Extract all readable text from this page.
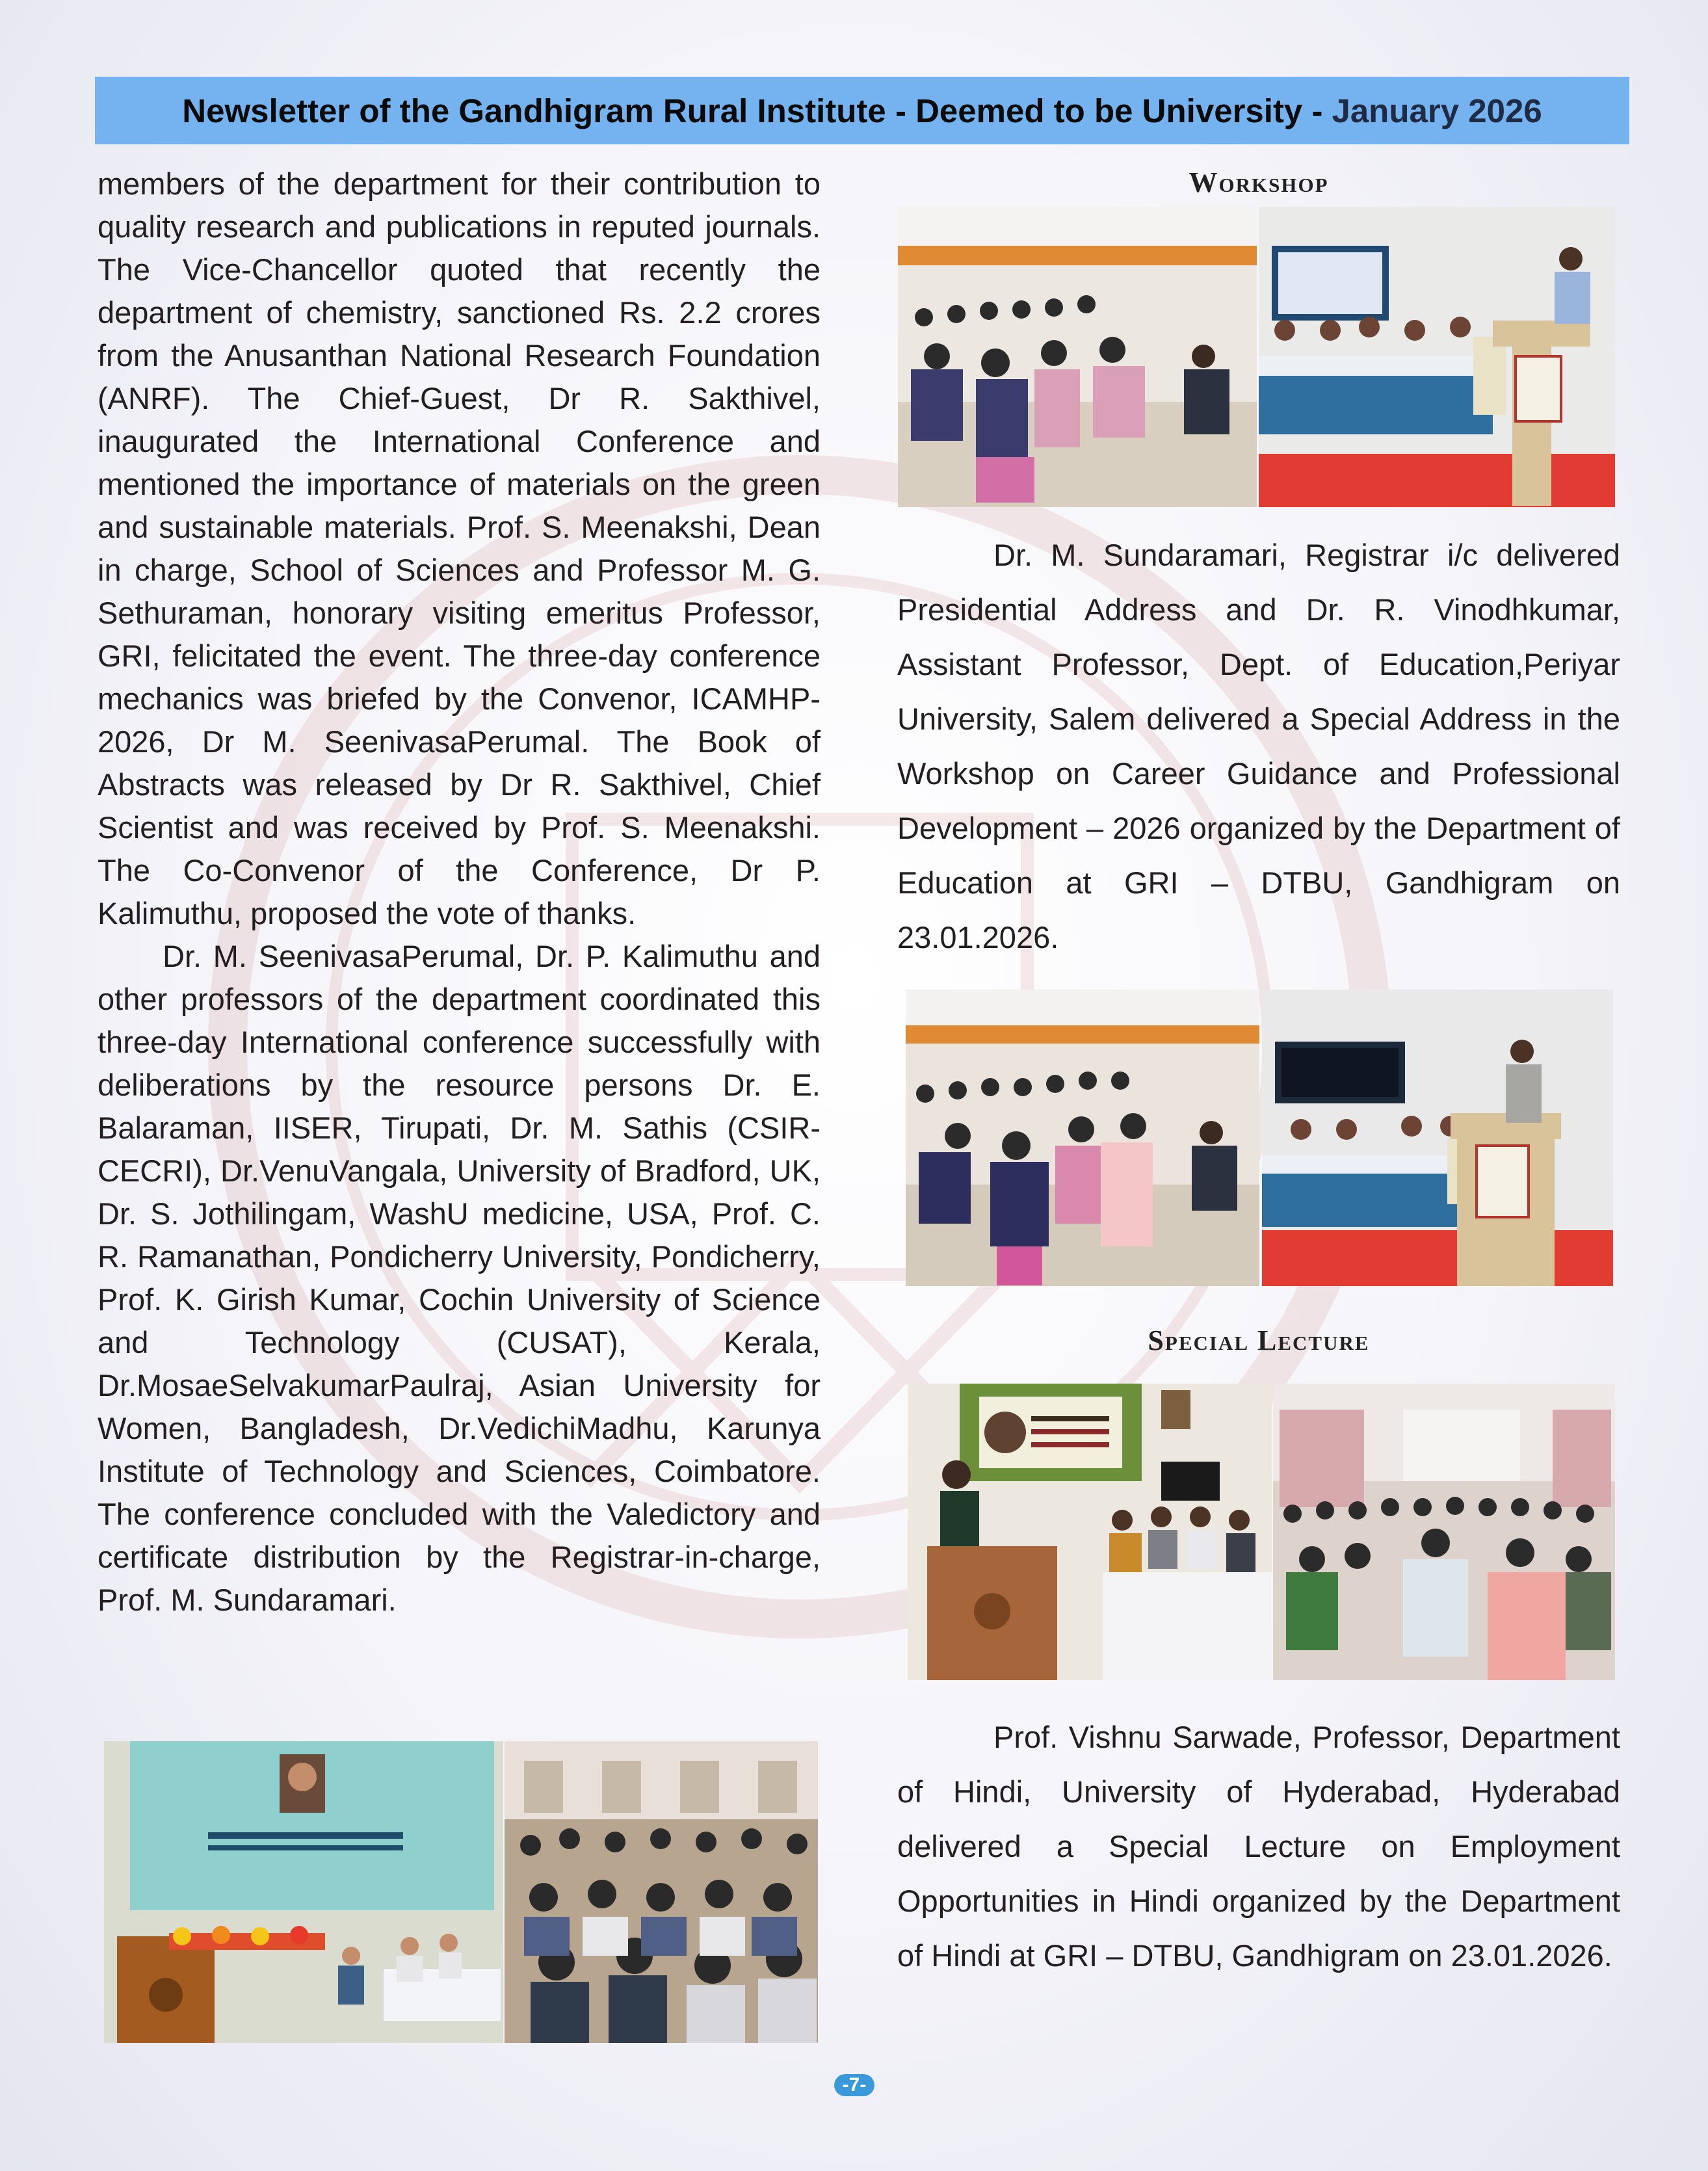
Newsletter of the Gandhigram Rural Institute - Deemed to be University - January 2026

members of the department for their contribution to quality research and publications in reputed journals. The Vice-Chancellor quoted that recently the department of chemistry, sanctioned Rs. 2.2 crores from the Anusanthan National Research Foundation (ANRF). The Chief-Guest, Dr R. Sakthivel, inaugurated the International Conference and mentioned the importance of materials on the green and sustainable materials. Prof. S. Meenakshi, Dean in charge, School of Sciences and Professor M. G. Sethuraman, honorary visiting emeritus Professor, GRI, felicitated the event. The three-day conference mechanics was briefed by the Convenor, ICAMHP-2026, Dr M. SeenivasaPerumal. The Book of Abstracts was released by Dr R. Sakthivel, Chief Scientist and was received by Prof. S. Meenakshi. The Co-Convenor of the Conference, Dr P. Kalimuthu, proposed the vote of thanks.

Dr. M. SeenivasaPerumal, Dr. P. Kalimuthu and other professors of the department coordinated this three-day International conference successfully with deliberations by the resource persons Dr. E. Balaraman, IISER, Tirupati, Dr. M. Sathis (CSIR-CECRI), Dr.VenuVangala, University of Bradford, UK, Dr. S. Jothilingam, WashU medicine, USA, Prof. C. R. Ramanathan, Pondicherry University, Pondicherry, Prof. K. Girish Kumar, Cochin University of Science and Technology (CUSAT), Kerala, Dr.MosaeSelvakumarPaulraj, Asian University for Women, Bangladesh, Dr.VedichiMadhu, Karunya Institute of Technology and Sciences, Coimbatore. The conference concluded with the Valedictory and certificate distribution by the Registrar-in-charge, Prof. M. Sundaramari.

Workshop

Dr. M. Sundaramari, Registrar i/c delivered Presidential Address and Dr. R. Vinodhkumar, Assistant Professor, Dept. of Education,Periyar University, Salem delivered a Special Address in the Workshop on Career Guidance and Professional Development – 2026 organized by the Department of Education at GRI – DTBU, Gandhigram on 23.01.2026.

Special Lecture

Prof. Vishnu Sarwade, Professor, Department of Hindi, University of Hyderabad, Hyderabad delivered a Special Lecture on Employment Opportunities in Hindi organized by the Department of Hindi at GRI – DTBU, Gandhigram on 23.01.2026.

-7-
